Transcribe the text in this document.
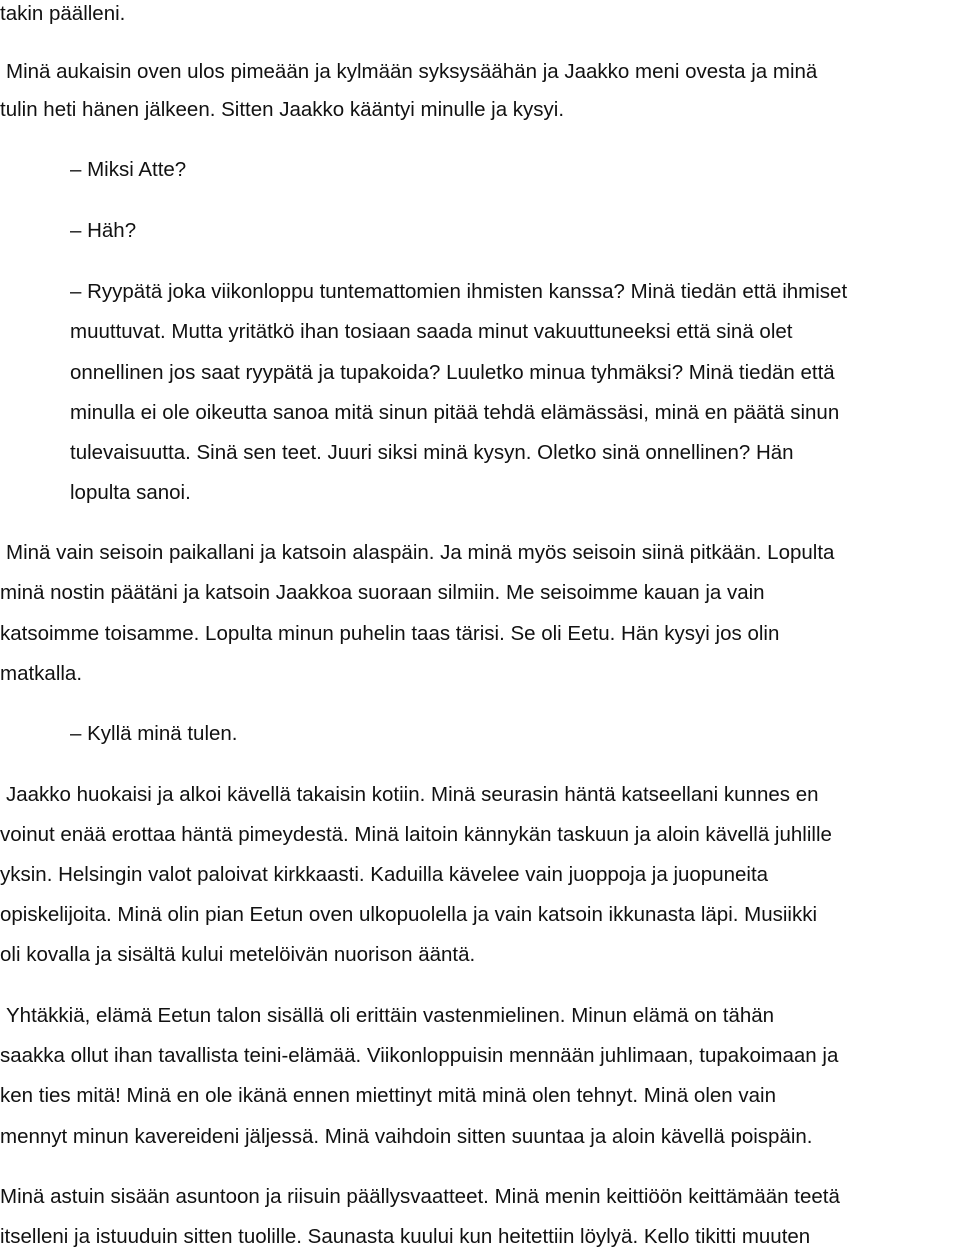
takin päälleni.
Minä aukaisin oven ulos pimeään ja kylmään syksysäähän ja Jaakko meni ovesta ja minä
tulin heti hänen jälkeen. Sitten Jaakko kääntyi minulle ja kysyi.
– Miksi Atte?
– Häh?
– Ryypätä joka viikonloppu tuntemattomien ihmisten kanssa? Minä tiedän että ihmiset
muuttuvat. Mutta yritätkö ihan tosiaan saada minut vakuuttuneeksi että sinä olet
onnellinen jos saat ryypätä ja tupakoida? Luuletko minua tyhmäksi? Minä tiedän että
minulla ei ole oikeutta sanoa mitä sinun pitää tehdä elämässäsi, minä en päätä sinun
tulevaisuutta. Sinä sen teet. Juuri siksi minä kysyn. Oletko sinä onnellinen? Hän
lopulta sanoi.
Minä vain seisoin paikallani ja katsoin alaspäin. Ja minä myös seisoin siinä pitkään. Lopulta
minä nostin päätäni ja katsoin Jaakkoa suoraan silmiin. Me seisoimme kauan ja vain
katsoimme toisamme. Lopulta minun puhelin taas tärisi. Se oli Eetu. Hän kysyi jos olin
matkalla.
– Kyllä minä tulen.
Jaakko huokaisi ja alkoi kävellä takaisin kotiin. Minä seurasin häntä katseellani kunnes en
voinut enää erottaa häntä pimeydestä. Minä laitoin kännykän taskuun ja aloin kävellä juhlille
yksin. Helsingin valot paloivat kirkkaasti. Kaduilla kävelee vain juoppoja ja juopuneita
opiskelijoita. Minä olin pian Eetun oven ulkopuolella ja vain katsoin ikkunasta läpi. Musiikki
oli kovalla ja sisältä kului metelöivän nuorison ääntä.
Yhtäkkiä, elämä Eetun talon sisällä oli erittäin vastenmielinen. Minun elämä on tähän
saakka ollut ihan tavallista teini-elämää. Viikonloppuisin mennään juhlimaan, tupakoimaan ja
ken ties mitä! Minä en ole ikänä ennen miettinyt mitä minä olen tehnyt. Minä olen vain
mennyt minun kavereideni jäljessä. Minä vaihdoin sitten suuntaa ja aloin kävellä poispäin.
Minä astuin sisään asuntoon ja riisuin päällysvaatteet. Minä menin keittiöön keittämään teetä
itselleni ja istuuduin sitten tuolille. Saunasta kuului kun heitettiin löylyä. Kello tikitti muuten
